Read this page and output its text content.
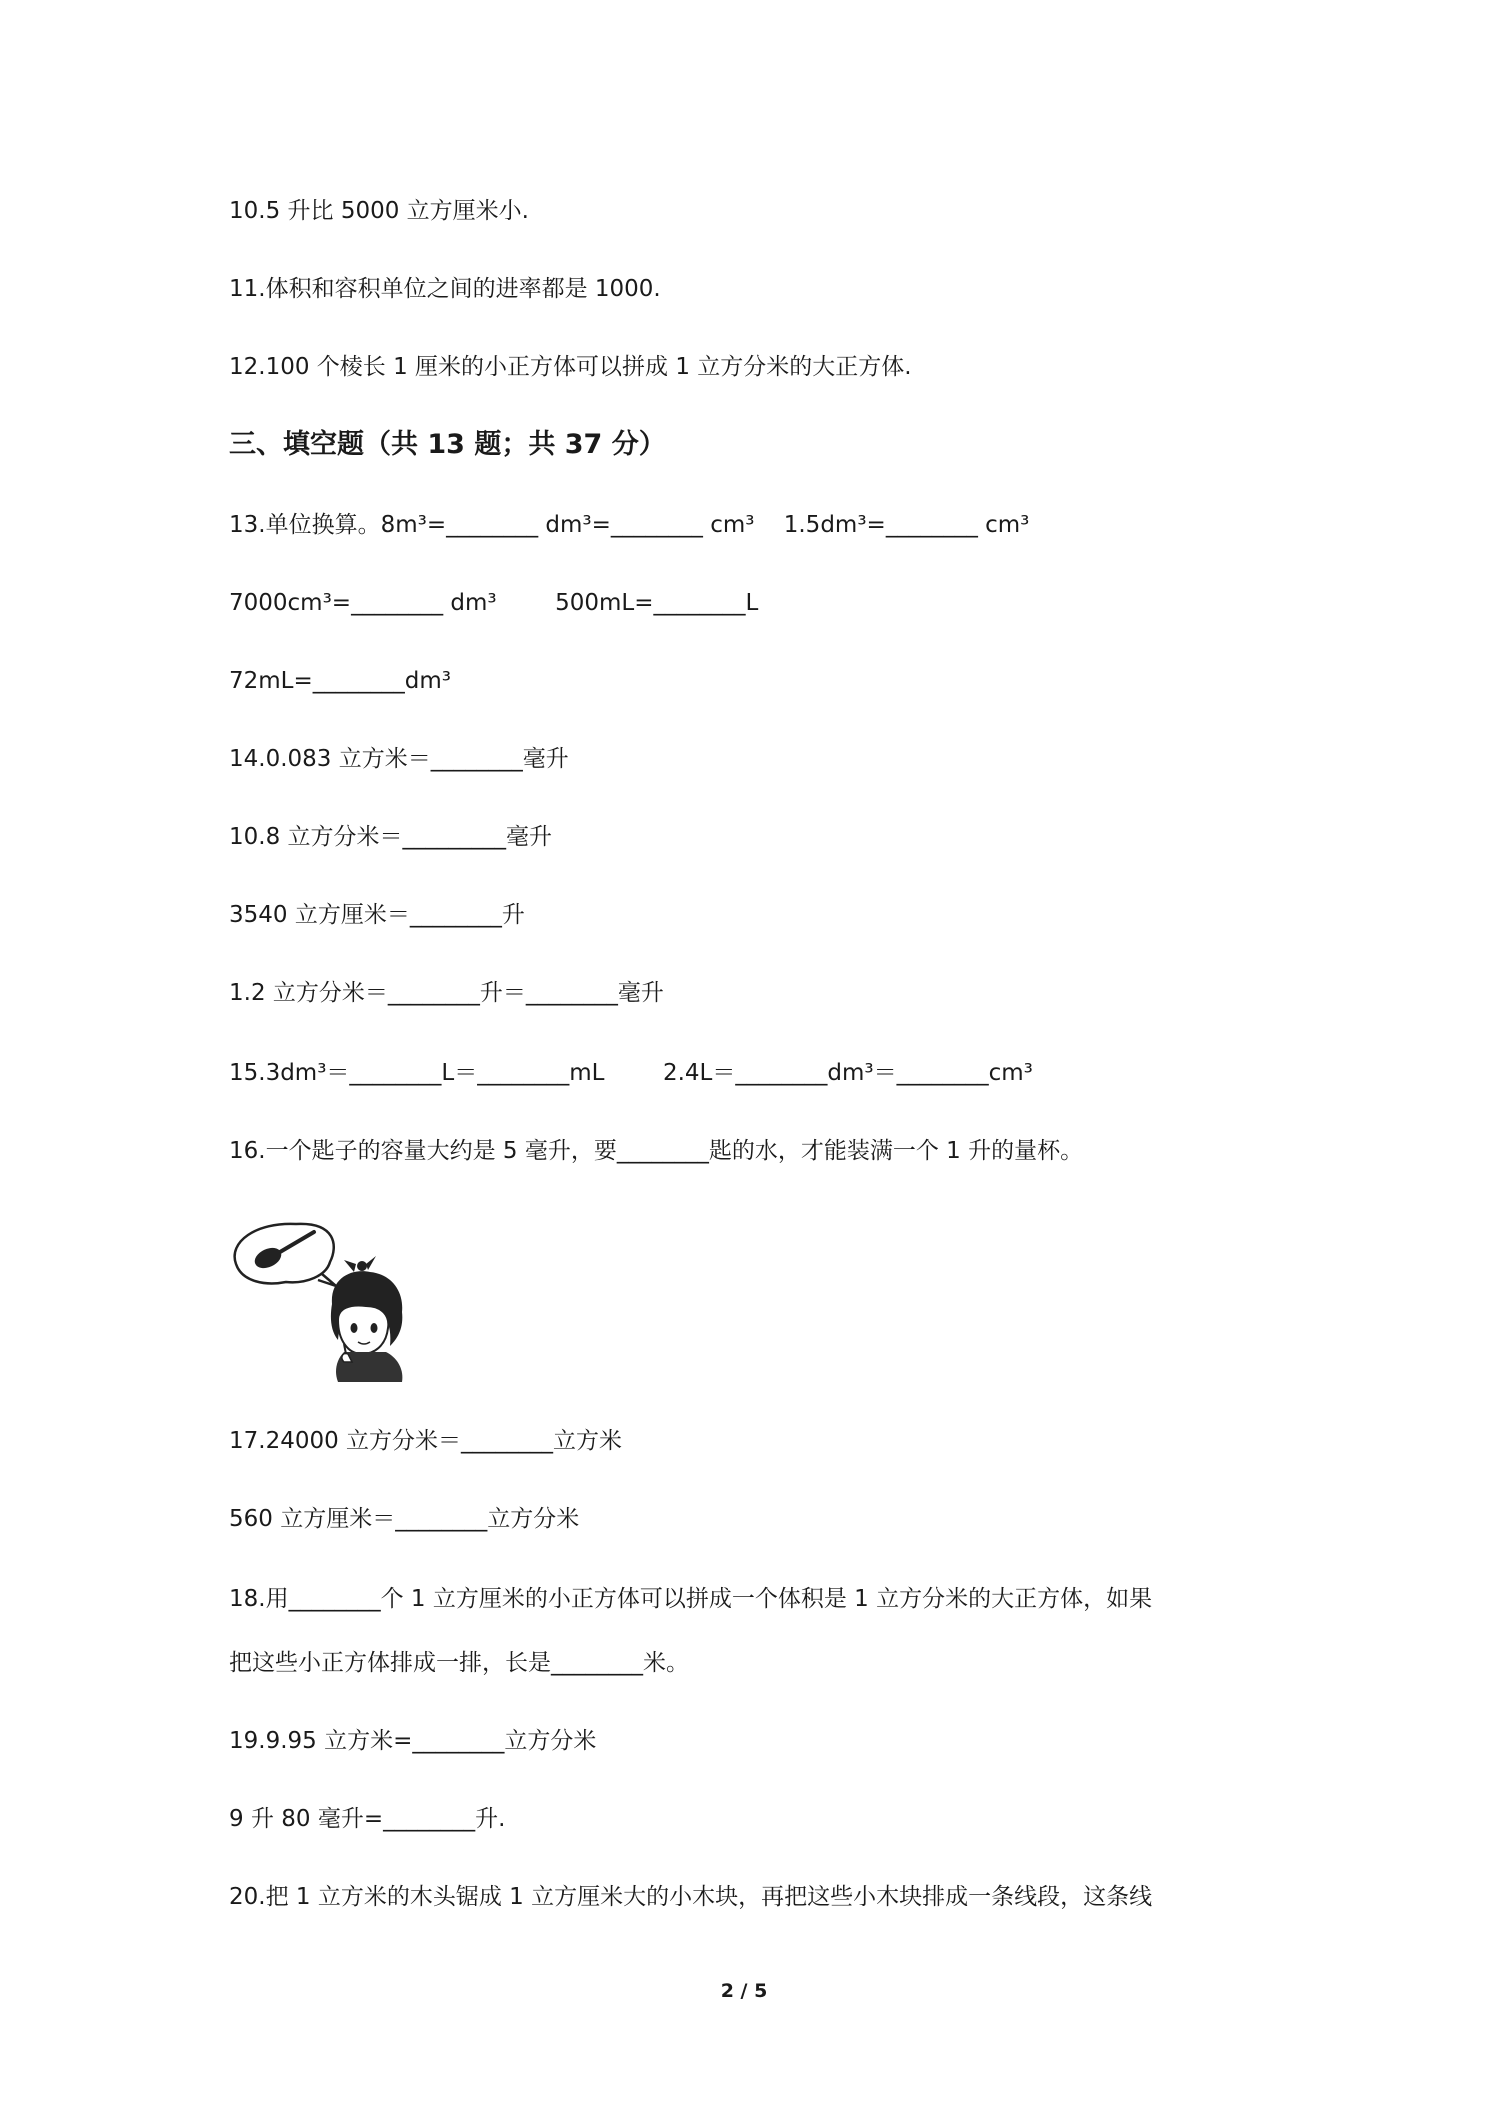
10.5 升比 5000 立方厘米小.
11.体积和容积单位之间的进率都是 1000.
12.100 个棱长 1 厘米的小正方体可以拼成 1 立方分米的大正方体.
三、填空题（共 13 题；共 37 分）
13.单位换算。8m³=________ dm³=________ cm³    1.5dm³=________ cm³
7000cm³=________ dm³        500mL=________L
72mL=________dm³
14.0.083 立方米＝________毫升
10.8 立方分米＝_________毫升
3540 立方厘米＝________升
1.2 立方分米＝________升＝________毫升
15.3dm³＝________L＝________mL        2.4L＝________dm³＝________cm³
16.一个匙子的容量大约是 5 毫升，要________匙的水，才能装满一个 1 升的量杯。
17.24000 立方分米＝________立方米
560 立方厘米＝________立方分米
18.用________个 1 立方厘米的小正方体可以拼成一个体积是 1 立方分米的大正方体，如果
把这些小正方体排成一排，长是________米。
19.9.95 立方米=________立方分米
9 升 80 毫升=________升.
20.把 1 立方米的木头锯成 1 立方厘米大的小木块，再把这些小木块排成一条线段，这条线
2 / 5
